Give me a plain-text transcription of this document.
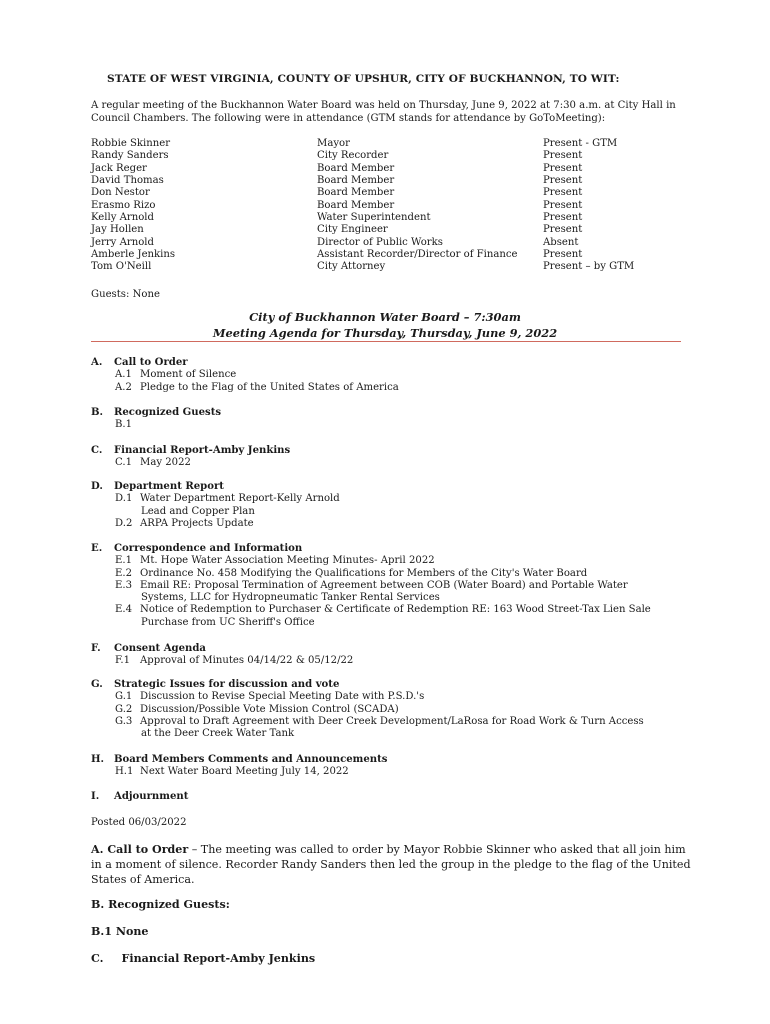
STATE OF WEST VIRGINIA, COUNTY OF UPSHUR, CITY OF BUCKHANNON, TO WIT:
A regular meeting of the Buckhannon Water Board was held on Thursday, June 9, 2022 at 7:30 a.m. at City Hall in Council Chambers. The following were in attendance (GTM stands for attendance by GoToMeeting):
Robbie Skinner
Randy Sanders
Jack Reger
David Thomas
Don Nestor
Erasmo Rizo
Kelly Arnold
Jay Hollen
Jerry Arnold
Amberle Jenkins
Tom O'Neill
Mayor
City Recorder
Board Member
Board Member
Board Member
Board Member
Water Superintendent
City Engineer
Director of Public Works
Assistant Recorder/Director of Finance
City Attorney
Present - GTM
Present
Present
Present
Present
Present
Present
Present
Absent
Present
Present – by GTM
Guests: None
City of Buckhannon Water Board – 7:30am
Meeting Agenda for Thursday, Thursday, June 9, 2022
A. Call to Order
A.1 Moment of Silence
A.2 Pledge to the Flag of the United States of America
B. Recognized Guests
B.1
C. Financial Report-Amby Jenkins
C.1 May 2022
D. Department Report
D.1 Water Department Report-Kelly Arnold
Lead and Copper Plan
D.2 ARPA Projects Update
E. Correspondence and Information
E.1 Mt. Hope Water Association Meeting Minutes- April 2022
E.2 Ordinance No. 458 Modifying the Qualifications for Members of the City's Water Board
E.3 Email RE: Proposal Termination of Agreement between COB (Water Board) and Portable Water
Systems, LLC for Hydropneumatic Tanker Rental Services
E.4 Notice of Redemption to Purchaser & Certificate of Redemption RE: 163 Wood Street-Tax Lien Sale
Purchase from UC Sheriff's Office
F. Consent Agenda
F.1 Approval of Minutes 04/14/22 & 05/12/22
G. Strategic Issues for discussion and vote
G.1 Discussion to Revise Special Meeting Date with P.S.D.'s
G.2 Discussion/Possible Vote Mission Control (SCADA)
G.3 Approval to Draft Agreement with Deer Creek Development/LaRosa for Road Work & Turn Access
at the Deer Creek Water Tank
H. Board Members Comments and Announcements
H.1 Next Water Board Meeting July 14, 2022
I. Adjournment
Posted 06/03/2022
A. Call to Order – The meeting was called to order by Mayor Robbie Skinner who asked that all join him in a moment of silence. Recorder Randy Sanders then led the group in the pledge to the flag of the United States of America.
B. Recognized Guests:
B.1 None
C. Financial Report-Amby Jenkins
